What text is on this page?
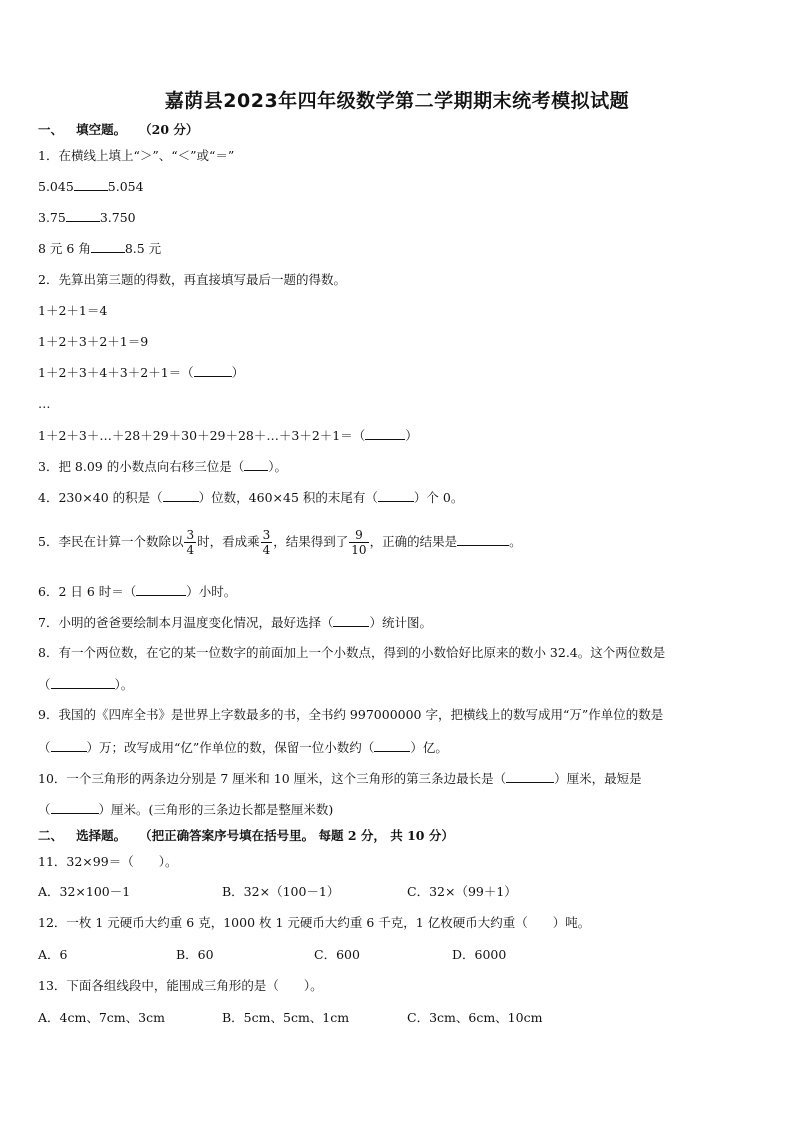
嘉荫县2023年四年级数学第二学期期末统考模拟试题
一、 填空题。 （20 分）
1．在横线上填上“＞”、“＜”或“＝”
5.045	5.054
3.75	3.750
8 元 6 角	8.5 元
2．先算出第三题的得数，再直接填写最后一题的得数。
1＋2＋1＝4
1＋2＋3＋2＋1＝9
1＋2＋3＋4＋3＋2＋1＝（	）
…
1＋2＋3＋…＋28＋29＋30＋29＋28＋…＋3＋2＋1＝（	）
3．把 8.09 的小数点向右移三位是（ ）。
4．230×40 的积是（	）位数，460×45 积的末尾有（	）个 0。
5．李民在计算一个数除以 $\frac{3}{4}$ 时，看成乘 $\frac{3}{4}$ ，结果得到了 $\frac{9}{10}$ ，正确的结果是	。
6．2 日 6 时＝（	）小时。
7．小明的爸爸要绘制本月温度变化情况，最好选择（	）统计图。
8．有一个两位数，在它的某一位数字的前面加上一个小数点，得到的小数恰好比原来的数小 32.4。这个两位数是
（	）。
9．我国的《四库全书》是世界上字数最多的书，全书约 997000000 字，把横线上的数写成用“万”作单位的数是
（	）万；改写成用“亿”作单位的数，保留一位小数约（	）亿。
10．一个三角形的两条边分别是 7 厘米和 10 厘米，这个三角形的第三条边最长是（	）厘米，最短是
（	）厘米。(三角形的三条边长都是整厘米数)
二、 选择题。 （把正确答案序号填在括号里。 每题 2 分， 共 10 分）
11．32×99＝（　　）。
A．32×100－1	B．32×（100－1）	C．32×（99＋1）
12．一枚 1 元硬币大约重 6 克，1000 枚 1 元硬币大约重 6 千克，1 亿枚硬币大约重（　　）吨。
A．6	B．60	C．600	D．6000
13．下面各组线段中，能围成三角形的是（　　）。
A．4cm、7cm、3cm	B．5cm、5cm、1cm	C．3cm、6cm、10cm
